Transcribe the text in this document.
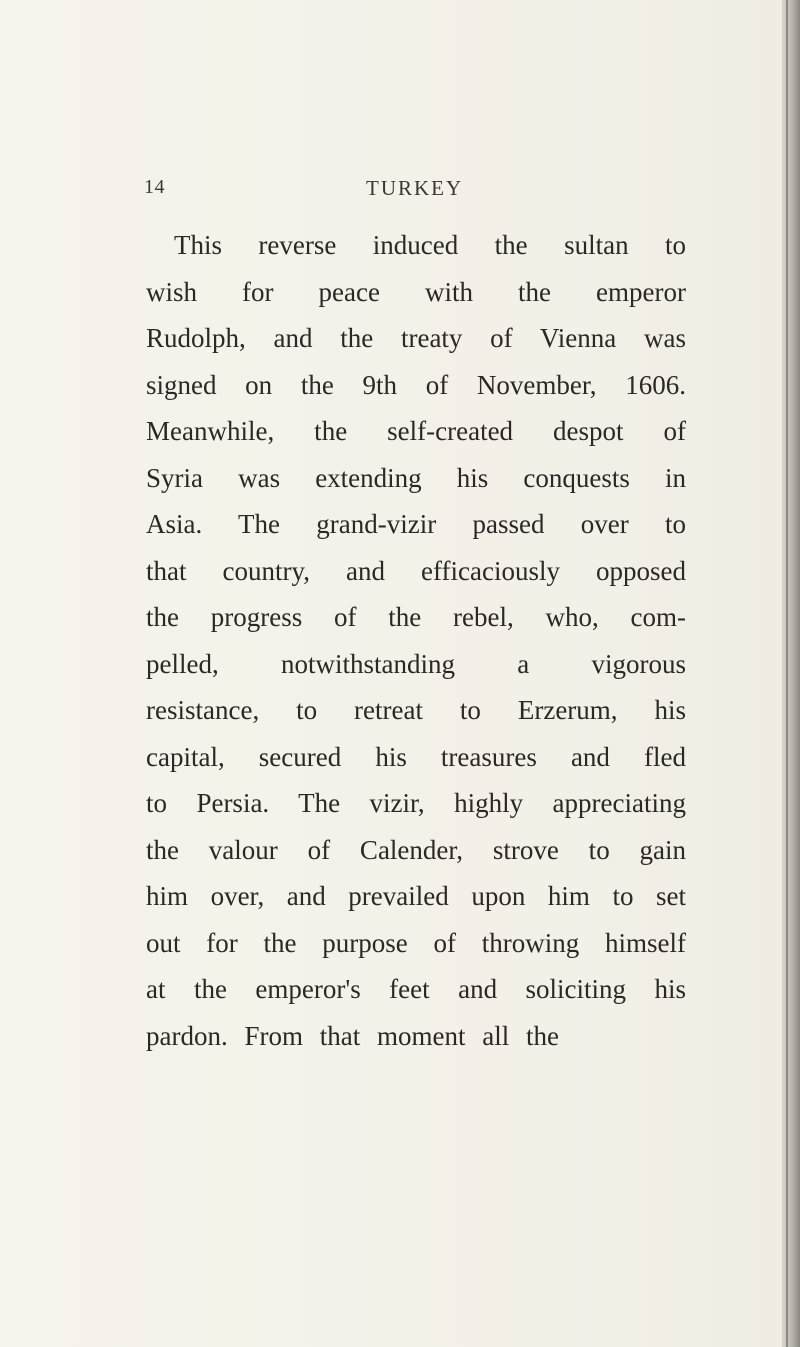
14	TURKEY
This reverse induced the sultan to
wish for peace with the emperor
Rudolph, and the treaty of Vienna was
signed on the 9th of November, 1606.
Meanwhile, the self-created despot of
Syria was extending his conquests in
Asia. The grand-vizir passed over to
that country, and efficaciously opposed
the progress of the rebel, who, com-
pelled, notwithstanding a vigorous
resistance, to retreat to Erzerum, his
capital, secured his treasures and fled
to Persia. The vizir, highly appreciating
the valour of Calender, strove to gain
him over, and prevailed upon him to set
out for the purpose of throwing himself
at the emperor's feet and soliciting his
pardon. From that moment all the
